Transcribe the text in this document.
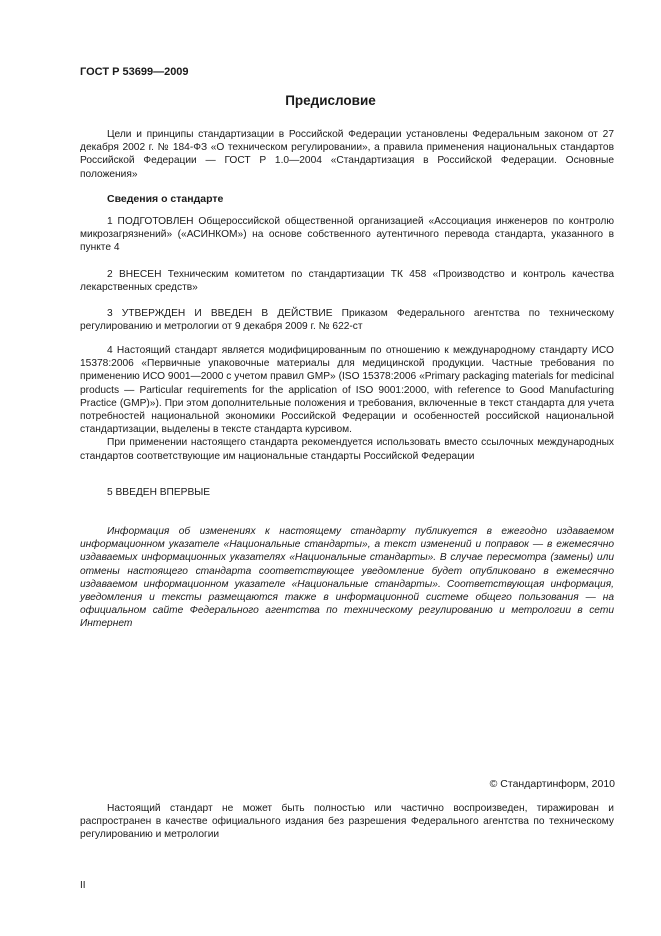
ГОСТ Р 53699—2009
Предисловие

Цели и принципы стандартизации в Российской Федерации установлены Федеральным законом от 27 декабря 2002 г. № 184-ФЗ «О техническом регулировании», а правила применения национальных стандартов Российской Федерации — ГОСТ Р 1.0—2004 «Стандартизация в Российской Федерации. Основные положения»

Сведения о стандарте

1 ПОДГОТОВЛЕН Общероссийской общественной организацией «Ассоциация инженеров по контролю микрозагрязнений» («АСИНКОМ») на основе собственного аутентичного перевода стандарта, указанного в пункте 4

2 ВНЕСЕН Техническим комитетом по стандартизации ТК 458 «Производство и контроль качества лекарственных средств»

3 УТВЕРЖДЕН И ВВЕДЕН В ДЕЙСТВИЕ Приказом Федерального агентства по техническому регулированию и метрологии от 9 декабря 2009 г. № 622-ст

4 Настоящий стандарт является модифицированным по отношению к международному стандарту ИСО 15378:2006 «Первичные упаковочные материалы для медицинской продукции. Частные требования по применению ИСО 9001—2000 с учетом правил GMP» (ISO 15378:2006 «Primary packaging materials for medicinal products — Particular requirements for the application of ISO 9001:2000, with reference to Good Manufacturing Practice (GMP)»). При этом дополнительные положения и требования, включенные в текст стандарта для учета потребностей национальной экономики Российской Федерации и особенностей российской национальной стандартизации, выделены в тексте стандарта курсивом.

При применении настоящего стандарта рекомендуется использовать вместо ссылочных международных стандартов соответствующие им национальные стандарты Российской Федерации

5 ВВЕДЕН ВПЕРВЫЕ

Информация об изменениях к настоящему стандарту публикуется в ежегодно издаваемом информационном указателе «Национальные стандарты», а текст изменений и поправок — в ежемесячно издаваемых информационных указателях «Национальные стандарты». В случае пересмотра (замены) или отмены настоящего стандарта соответствующее уведомление будет опубликовано в ежемесячно издаваемом информационном указателе «Национальные стандарты». Соответствующая информация, уведомления и тексты размещаются также в информационной системе общего пользования — на официальном сайте Федерального агентства по техническому регулированию и метрологии в сети Интернет

© Стандартинформ, 2010

Настоящий стандарт не может быть полностью или частично воспроизведен, тиражирован и распространен в качестве официального издания без разрешения Федерального агентства по техническому регулированию и метрологии

II
